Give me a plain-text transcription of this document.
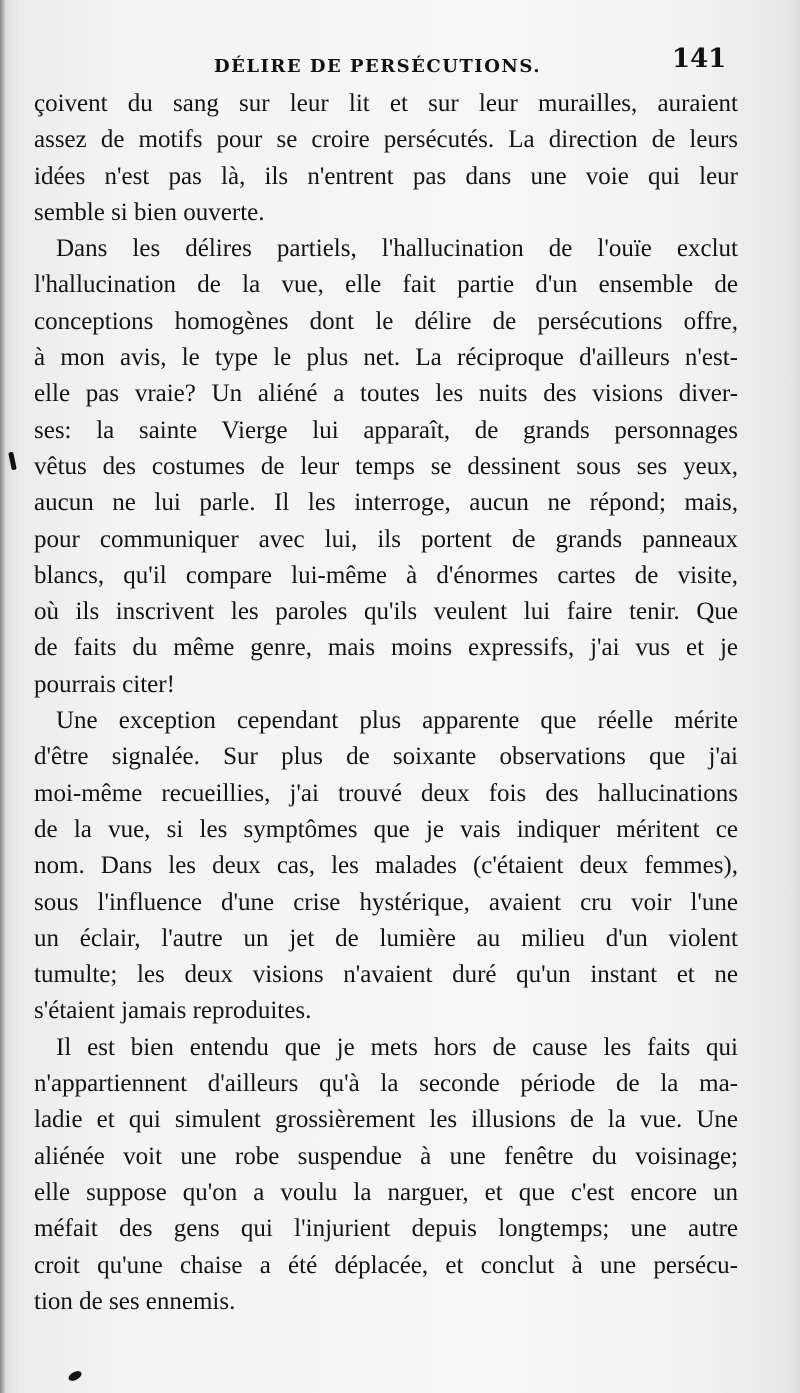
DÉLIRE DE PERSÉCUTIONS.	141
çoivent du sang sur leur lit et sur leur murailles, auraient
assez de motifs pour se croire persécutés. La direction de leurs
idées n'est pas là, ils n'entrent pas dans une voie qui leur
semble si bien ouverte.
Dans les délires partiels, l'hallucination de l'ouïe exclut
l'hallucination de la vue, elle fait partie d'un ensemble de
conceptions homogènes dont le délire de persécutions offre,
à mon avis, le type le plus net. La réciproque d'ailleurs n'est-
elle pas vraie? Un aliéné a toutes les nuits des visions diver-
ses: la sainte Vierge lui apparaît, de grands personnages
vêtus des costumes de leur temps se dessinent sous ses yeux,
aucun ne lui parle. Il les interroge, aucun ne répond; mais,
pour communiquer avec lui, ils portent de grands panneaux
blancs, qu'il compare lui-même à d'énormes cartes de visite,
où ils inscrivent les paroles qu'ils veulent lui faire tenir. Que
de faits du même genre, mais moins expressifs, j'ai vus et je
pourrais citer!
Une exception cependant plus apparente que réelle mérite
d'être signalée. Sur plus de soixante observations que j'ai
moi-même recueillies, j'ai trouvé deux fois des hallucinations
de la vue, si les symptômes que je vais indiquer méritent ce
nom. Dans les deux cas, les malades (c'étaient deux femmes),
sous l'influence d'une crise hystérique, avaient cru voir l'une
un éclair, l'autre un jet de lumière au milieu d'un violent
tumulte; les deux visions n'avaient duré qu'un instant et ne
s'étaient jamais reproduites.
Il est bien entendu que je mets hors de cause les faits qui
n'appartiennent d'ailleurs qu'à la seconde période de la ma-
ladie et qui simulent grossièrement les illusions de la vue. Une
aliénée voit une robe suspendue à une fenêtre du voisinage;
elle suppose qu'on a voulu la narguer, et que c'est encore un
méfait des gens qui l'injurient depuis longtemps; une autre
croit qu'une chaise a été déplacée, et conclut à une persécu-
tion de ses ennemis.
